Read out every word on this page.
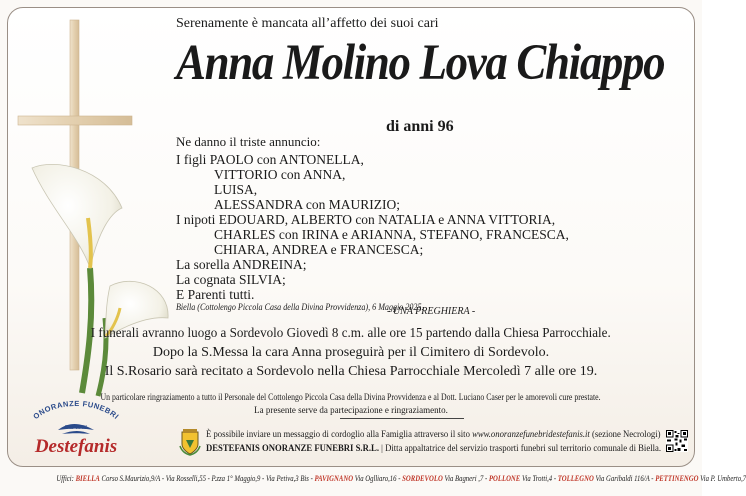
Serenamente è mancata all’affetto dei suoi cari
Anna Molino Lova Chiappo
di anni 96
Ne danno il triste annuncio:
I figli PAOLO con ANTONELLA,
VITTORIO con ANNA,
LUISA,
ALESSANDRA con MAURIZIO;
I nipoti EDOUARD, ALBERTO con NATALIA e ANNA VITTORIA,
CHARLES con IRINA e ARIANNA, STEFANO, FRANCESCA,
CHIARA, ANDREA e FRANCESCA;
La sorella ANDREINA;
La cognata SILVIA;
E Parenti tutti.
Biella (Cottolengo Piccola Casa della Divina Provvidenza), 6 Maggio 2025.
- UNA PREGHIERA -
I funerali avranno luogo a Sordevolo Giovedì 8 c.m. alle ore 15 partendo dalla Chiesa Parrocchiale.
Dopo la S.Messa la cara Anna proseguirà per il Cimitero di Sordevolo.
Il S.Rosario sarà recitato a Sordevolo nella Chiesa Parrocchiale Mercoledì 7 alle ore 19.
Un particolare ringraziamento a tutto il Personale del Cottolengo Piccola Casa della Divina Provvidenza e al Dott. Luciano Caser per le amorevoli cure prestate.
La presente serve da partecipazione e ringraziamento.
ONORANZE FUNEBRI
Dal 1962
Destefanis
È possibile inviare un messaggio di cordoglio alla Famiglia attraverso il sito www.onoranzefunebridestefanis.it (sezione Necrologi)
DESTEFANIS ONORANZE FUNEBRI S.R.L. | Ditta appaltatrice del servizio trasporti funebri sul territorio comunale di Biella.
Uffici: BIELLA Corso S.Maurizio,9/A - Via Rosselli,55 - P.zza 1° Maggio,9 - Via Petiva,3 Bis - PAVIGNANO Via Oglliaro,16 - SORDEVOLO Via Bagneri ,7 - POLLONE Via Trotti,4 - TOLLEGNO Via Garibaldi 116/A - PETTINENGO Via P. Umberto,7
